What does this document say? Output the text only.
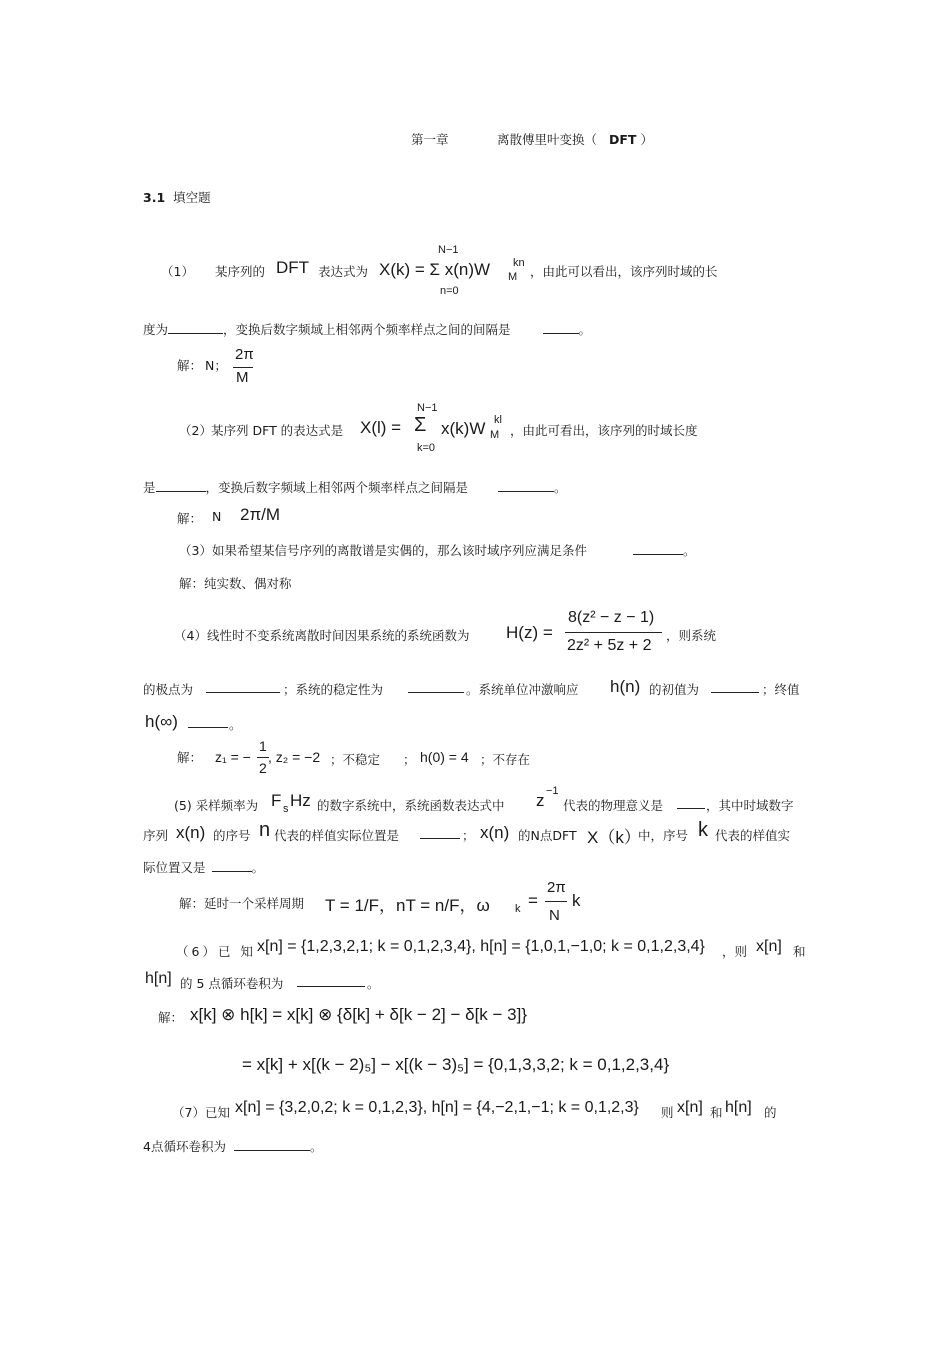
第一章	离散傅里叶变换（ DFT ）
3.1 填空题
（1） 某序列的 DFT 表达式为
N−1
X(k) = Σ x(n)W
n=0
kn
M ，由此可以看出，该序列时域的长
度为	，变换后数字频域上相邻两个频率样点之间的间隔是	。
解： N；
2π
M
（2） 某序列 DFT 的表达式是 X(l) =
N−1
Σ
k=0
x(k)W kl
M ，由此可看出，该序列的时域长度
是	，变换后数字频域上相邻两个频率样点之间隔是	。
解： N 2π/M
（3）如果希望某信号序列的离散谱是实偶的，那么该时域序列应满足条件	。
解：纯实数、偶对称
（4）线性时不变系统离散时间因果系统的系统函数为 H(z) =
8(z² − z − 1)
2z² + 5z + 2
，则系统
的极点为	；系统的稳定性为	。系统单位冲激响应 h(n) 的初值为	；终值
h(∞)	。
解： z₁ = −
1
2
, z₂ = −2 ；不稳定 ； h(0) = 4 ；不存在
(5) 采样频率为 F s Hz 的数字系统中，系统函数表达式中 z −1
代表的物理意义是	，其中时域数字
序列 x(n) 的序号 n 代表的样值实际位置是	； x(n) 的N点DFT X（k）
中，序号 k 代表的样值实
际位置又是	。
解：延时一个采样周期 T = 1/F，nT = n/F，ω k =
2π
N
k
（6）已 知 x[n] = {1,2,3,2,1; k = 0,1,2,3,4}, h[n] = {1,0,1,−1,0; k = 0,1,2,3,4} ，则 x[n] 和
h[n] 的 5 点循环卷积为	。
解： x[k] ⊗ h[k] = x[k] ⊗ {δ[k] + δ[k − 2] − δ[k − 3]}
= x[k] + x[(k − 2)₅] − x[(k − 3)₅] = {0,1,3,3,2; k = 0,1,2,3,4}
（7）已知 x[n] = {3,2,0,2; k = 0,1,2,3}, h[n] = {4,−2,1,−1; k = 0,1,2,3} 则 x[n] 和 h[n] 的
4点循环卷积为	。
